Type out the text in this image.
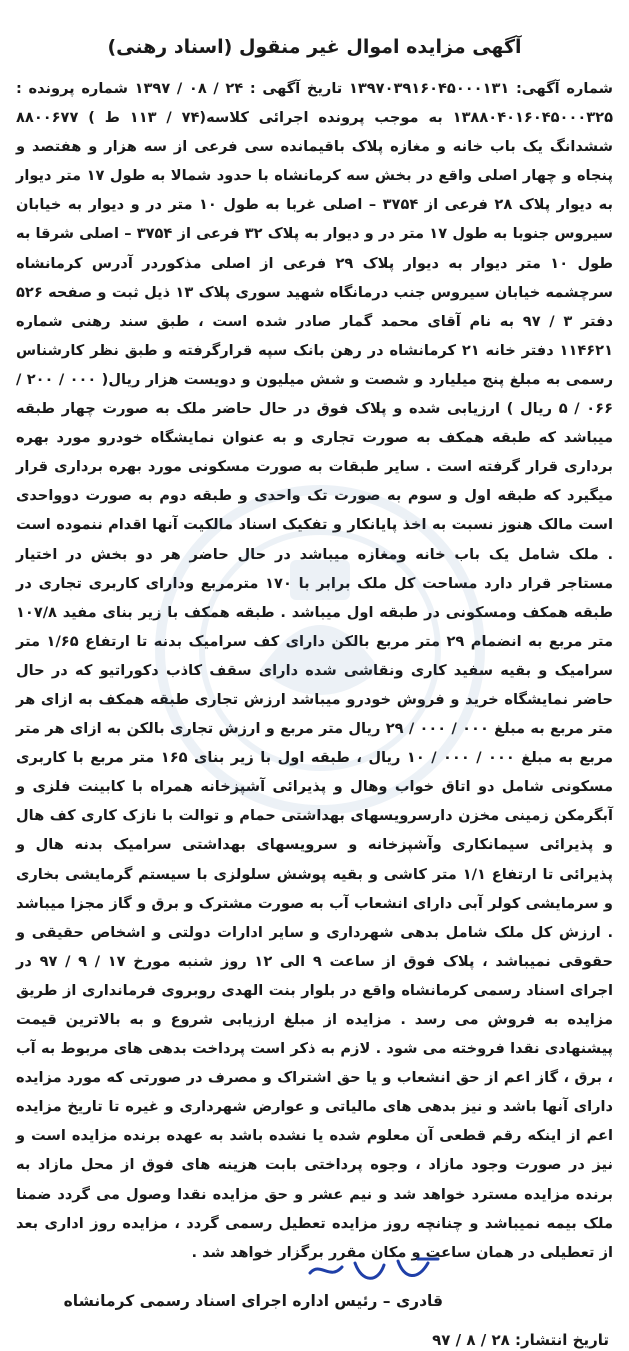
آگهی مزایده اموال غیر منقول (اسناد رهنی)

شماره آگهی: ۱۳۹۷۰۳۹۱۶۰۴۵۰۰۰۱۳۱ تاریخ آگهی : ۲۴ / ۰۸ / ۱۳۹۷ شماره پرونده : ۱۳۸۸۰۴۰۱۶۰۴۵۰۰۰۳۲۵ به موجب پرونده اجرائی کلاسه(۷۴ / ۱۱۳ ط ) ۸۸۰۰۶۷۷ ششدانگ یک باب خانه و مغازه پلاک باقیمانده سی فرعی از سه هزار و هفتصد و پنجاه و چهار اصلی واقع در بخش سه کرمانشاه با حدود شمالا به طول ۱۷ متر دیوار به دیوار پلاک ۲۸ فرعی از ۳۷۵۴ – اصلی غربا به طول ۱۰ متر در و دیوار به خیابان سیروس جنوبا به طول ۱۷ متر در و دیوار به پلاک ۳۲ فرعی از ۳۷۵۴ – اصلی شرقا به طول ۱۰ متر دیوار به دیوار پلاک ۲۹ فرعی از اصلی مذکوردر آدرس کرمانشاه سرچشمه خیابان سیروس جنب درمانگاه شهید سوری پلاک ۱۳ ذیل ثبت و صفحه ۵۲۶ دفتر ۳ / ۹۷ به نام آقای محمد گمار صادر شده است ، طبق سند رهنی شماره ۱۱۴۶۲۱ دفتر خانه ۲۱ کرمانشاه در رهن بانک سپه قرارگرفته و طبق نظر کارشناس رسمی به مبلغ پنج میلیارد و شصت و شش میلیون و دویست هزار ریال( ۰۰۰ / ۲۰۰ / ۰۶۶ / ۵ ریال ) ارزیابی شده و پلاک فوق در حال حاضر ملک به صورت چهار طبقه میباشد که طبقه همکف به صورت تجاری و به عنوان نمایشگاه خودرو مورد بهره برداری قرار گرفته است . سایر طبقات به صورت مسکونی مورد بهره برداری قرار میگیرد که طبقه اول و سوم به صورت تک واحدی و طبقه دوم به صورت دوواحدی است مالک هنوز نسبت به اخذ پایانکار و تفکیک اسناد مالکیت آنها اقدام ننموده است . ملک شامل یک باب خانه ومغازه میباشد در حال حاضر هر دو بخش در اختیار مستاجر قرار دارد مساحت کل ملک برابر با ۱۷۰ مترمربع ودارای کاربری تجاری در طبقه همکف ومسکونی در طبقه اول میباشد . طبقه همکف با زیر بنای مفید ۱۰۷/۸ متر مربع به انضمام ۲۹ متر مربع بالکن دارای کف سرامیک بدنه تا ارتفاع ۱/۶۵ متر سرامیک و بقیه سفید کاری ونقاشی شده دارای سقف کاذب دکوراتیو که در حال حاضر نمایشگاه خرید و فروش خودرو میباشد ارزش تجاری طبقه همکف به ازای هر متر مربع به مبلغ ۰۰۰ / ۰۰۰ / ۲۹ ریال متر مربع و ارزش تجاری بالکن به ازای هر متر مربع به مبلغ ۰۰۰ / ۰۰۰ / ۱۰ ریال ، طبقه اول با زیر بنای ۱۶۵ متر مربع با کاربری مسکونی شامل دو اتاق خواب وهال و پذیرائی آشپزخانه همراه با کابینت فلزی و آبگرمکن زمینی مخزن دارسرویسهای بهداشتی حمام و توالت با نازک کاری کف هال و پذیرائی سیمانکاری وآشپزخانه و سرویسهای بهداشتی سرامیک بدنه هال و پذیرائی تا ارتفاع ۱/۱ متر کاشی و بقیه پوشش سلولزی با سیستم گرمایشی بخاری و سرمایشی کولر آبی دارای انشعاب آب به صورت مشترک و برق و گاز مجزا میباشد . ارزش کل ملک شامل بدهی شهرداری و سایر ادارات دولتی و اشخاص حقیقی و حقوقی نمیباشد ، پلاک فوق از ساعت ۹ الی ۱۲ روز شنبه مورخ ۱۷ / ۹ / ۹۷ در اجرای اسناد رسمی کرمانشاه واقع در بلوار بنت الهدی روبروی فرمانداری از طریق مزایده به فروش می رسد . مزایده از مبلغ ارزیابی شروع و به بالاترین قیمت پیشنهادی نقدا فروخته می شود . لازم به ذکر است پرداخت بدهی های مربوط به آب ، برق ، گاز اعم از حق انشعاب و یا حق اشتراک و مصرف در صورتی که مورد مزایده دارای آنها باشد و نیز بدهی های مالیاتی و عوارض شهرداری و غیره تا تاریخ مزایده اعم از اینکه رقم قطعی آن معلوم شده یا نشده باشد به عهده برنده مزایده است و نیز در صورت وجود مازاد ، وجوه پرداختی بابت هزینه های فوق از محل مازاد به برنده مزایده مسترد خواهد شد و نیم عشر و حق مزایده نقدا وصول می گردد ضمنا ملک بیمه نمیباشد و چنانچه روز مزایده تعطیل رسمی گردد ، مزایده روز اداری بعد از تعطیلی در همان ساعت و مکان مقرر برگزار خواهد شد .

قادری – رئیس اداره اجرای اسناد رسمی کرمانشاه
تاریخ انتشار: ۲۸ / ۸ / ۹۷
